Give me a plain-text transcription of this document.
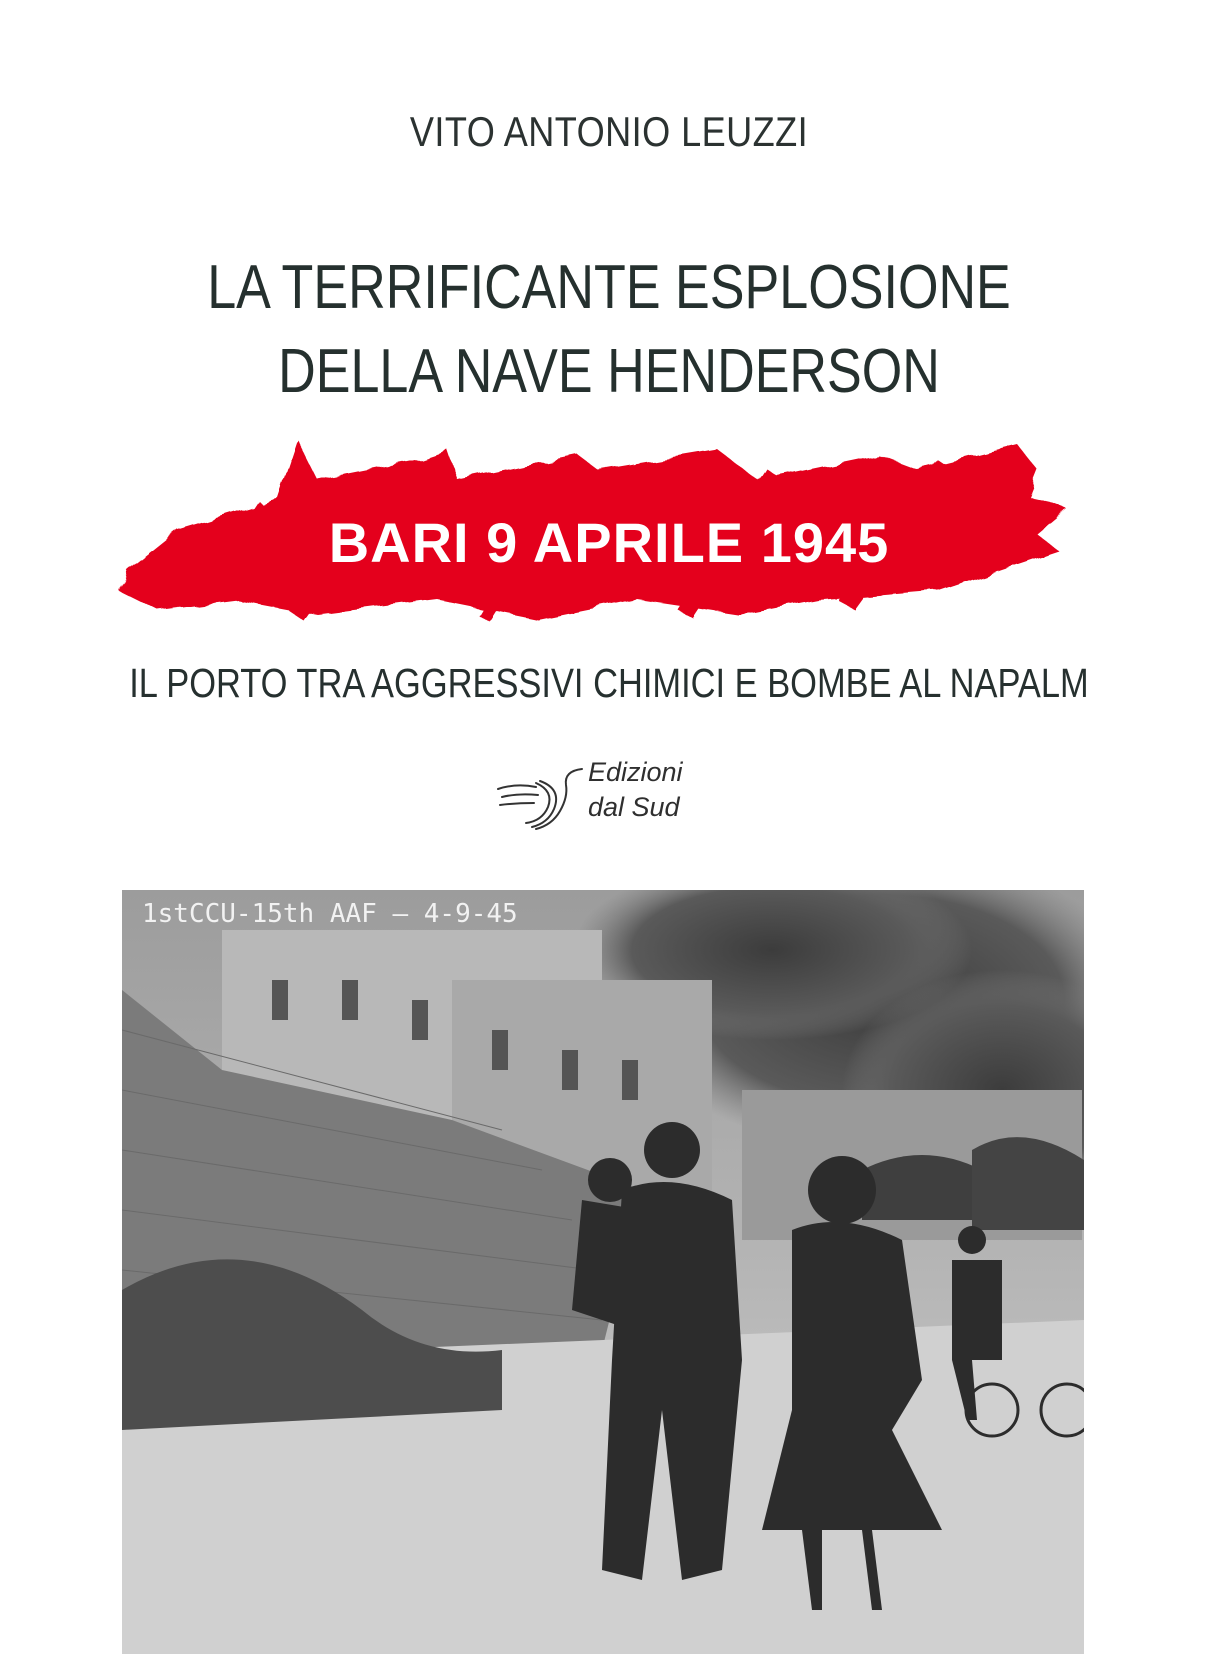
VITO ANTONIO LEUZZI
LA TERRIFICANTE ESPLOSIONE
DELLA NAVE HENDERSON
BARI 9 APRILE 1945
IL PORTO TRA AGGRESSIVI CHIMICI E BOMBE AL NAPALM
Edizioni
dal Sud
1stCCU-15th AAF — 4-9-45
